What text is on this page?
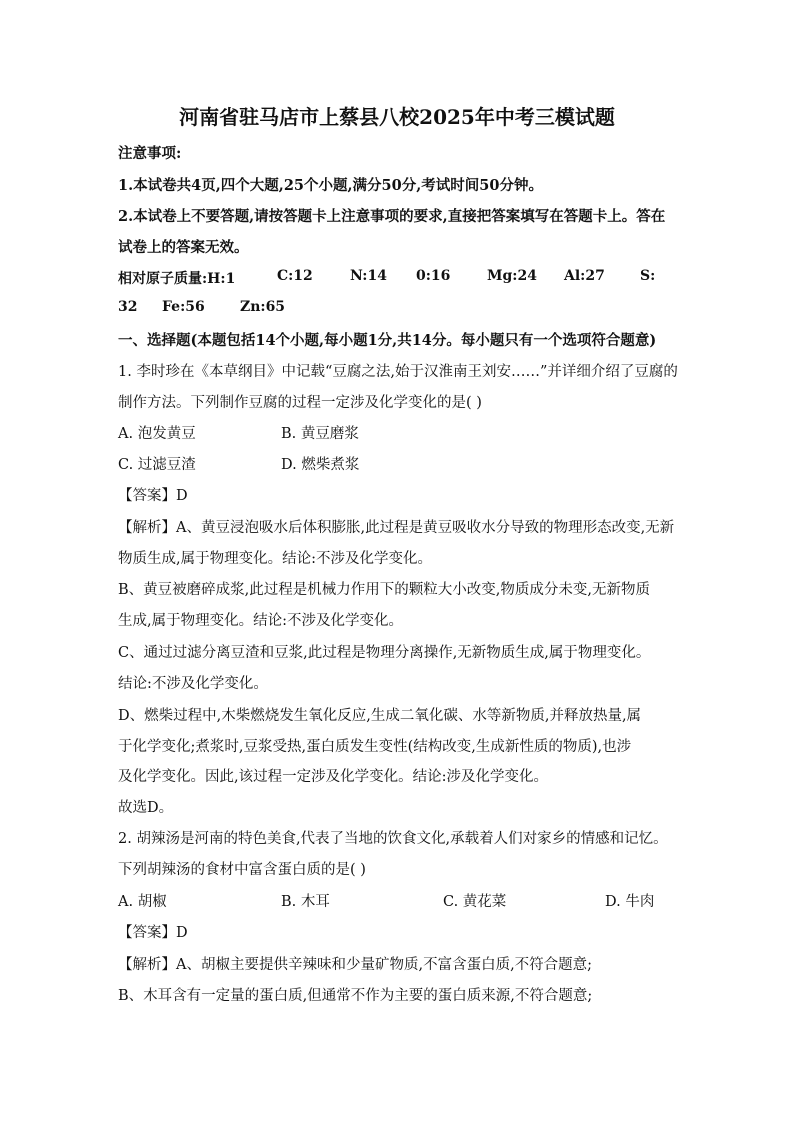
河南省驻马店市上蔡县八校2025年中考三模试题
注意事项:
1.本试卷共4页,四个大题,25个小题,满分50分,考试时间50分钟。
2.本试卷上不要答题,请按答题卡上注意事项的要求,直接把答案填写在答题卡上。答在
试卷上的答案无效。
相对原子质量:H:1	C:12	N:14 0:16	Mg:24 Al:27	S:
32 Fe:56	Zn:65
一、选择题(本题包括14个小题,每小题1分,共14分。每小题只有一个选项符合题意)
1. 李时珍在《本草纲目》中记载“豆腐之法,始于汉淮南王刘安……”并详细介绍了豆腐的
制作方法。下列制作豆腐的过程一定涉及化学变化的是( )
A. 泡发黄豆	B. 黄豆磨浆
C. 过滤豆渣	D. 燃柴煮浆
【答案】D
【解析】A、黄豆浸泡吸水后体积膨胀,此过程是黄豆吸收水分导致的物理形态改变,无新
物质生成,属于物理变化。结论:不涉及化学变化。
B、黄豆被磨碎成浆,此过程是机械力作用下的颗粒大小改变,物质成分未变,无新物质
生成,属于物理变化。结论:不涉及化学变化。
C、通过过滤分离豆渣和豆浆,此过程是物理分离操作,无新物质生成,属于物理变化。
结论:不涉及化学变化。
D、燃柴过程中,木柴燃烧发生氧化反应,生成二氧化碳、水等新物质,并释放热量,属
于化学变化;煮浆时,豆浆受热,蛋白质发生变性(结构改变,生成新性质的物质),也涉
及化学变化。因此,该过程一定涉及化学变化。结论:涉及化学变化。
故选D。
2. 胡辣汤是河南的特色美食,代表了当地的饮食文化,承载着人们对家乡的情感和记忆。
下列胡辣汤的食材中富含蛋白质的是( )
A. 胡椒	B. 木耳	C. 黄花菜	D. 牛肉
【答案】D
【解析】A、胡椒主要提供辛辣味和少量矿物质,不富含蛋白质,不符合题意;
B、木耳含有一定量的蛋白质,但通常不作为主要的蛋白质来源,不符合题意;
